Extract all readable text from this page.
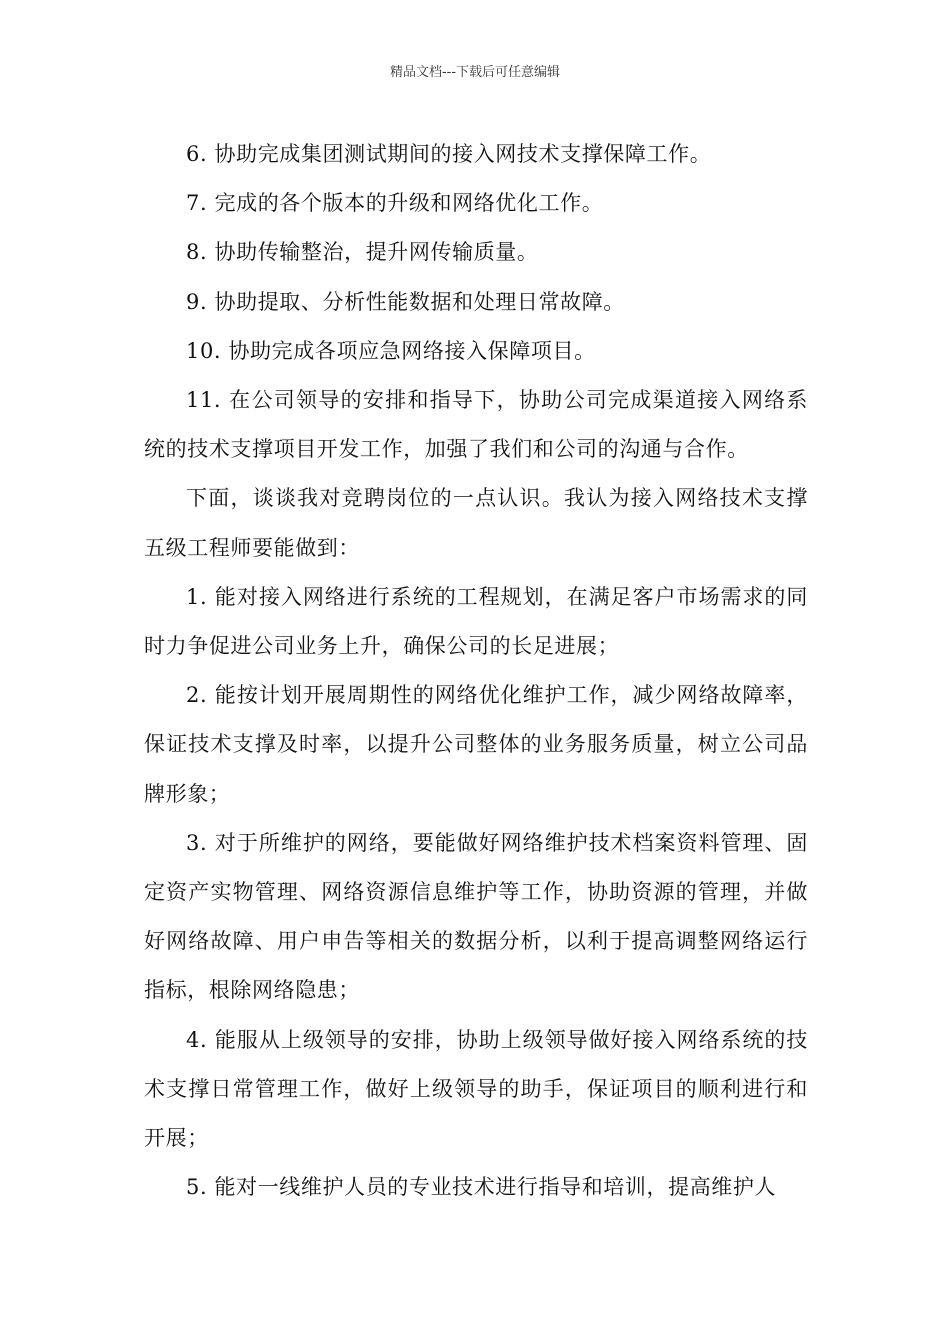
精品文档---下载后可任意编辑

6. 协助完成集团测试期间的接入网技术支撑保障工作。

7. 完成的各个版本的升级和网络优化工作。

8. 协助传输整治，提升网传输质量。

9. 协助提取、分析性能数据和处理日常故障。

10. 协助完成各项应急网络接入保障项目。

11. 在公司领导的安排和指导下，协助公司完成渠道接入网络系统的技术支撑项目开发工作，加强了我们和公司的沟通与合作。

下面，谈谈我对竞聘岗位的一点认识。我认为接入网络技术支撑五级工程师要能做到：

1. 能对接入网络进行系统的工程规划，在满足客户市场需求的同时力争促进公司业务上升，确保公司的长足进展；

2. 能按计划开展周期性的网络优化维护工作，减少网络故障率，保证技术支撑及时率，以提升公司整体的业务服务质量，树立公司品牌形象；

3. 对于所维护的网络，要能做好网络维护技术档案资料管理、固定资产实物管理、网络资源信息维护等工作，协助资源的管理，并做好网络故障、用户申告等相关的数据分析，以利于提高调整网络运行指标，根除网络隐患；

4. 能服从上级领导的安排，协助上级领导做好接入网络系统的技术支撑日常管理工作，做好上级领导的助手，保证项目的顺利进行和开展；

5. 能对一线维护人员的专业技术进行指导和培训，提高维护人
